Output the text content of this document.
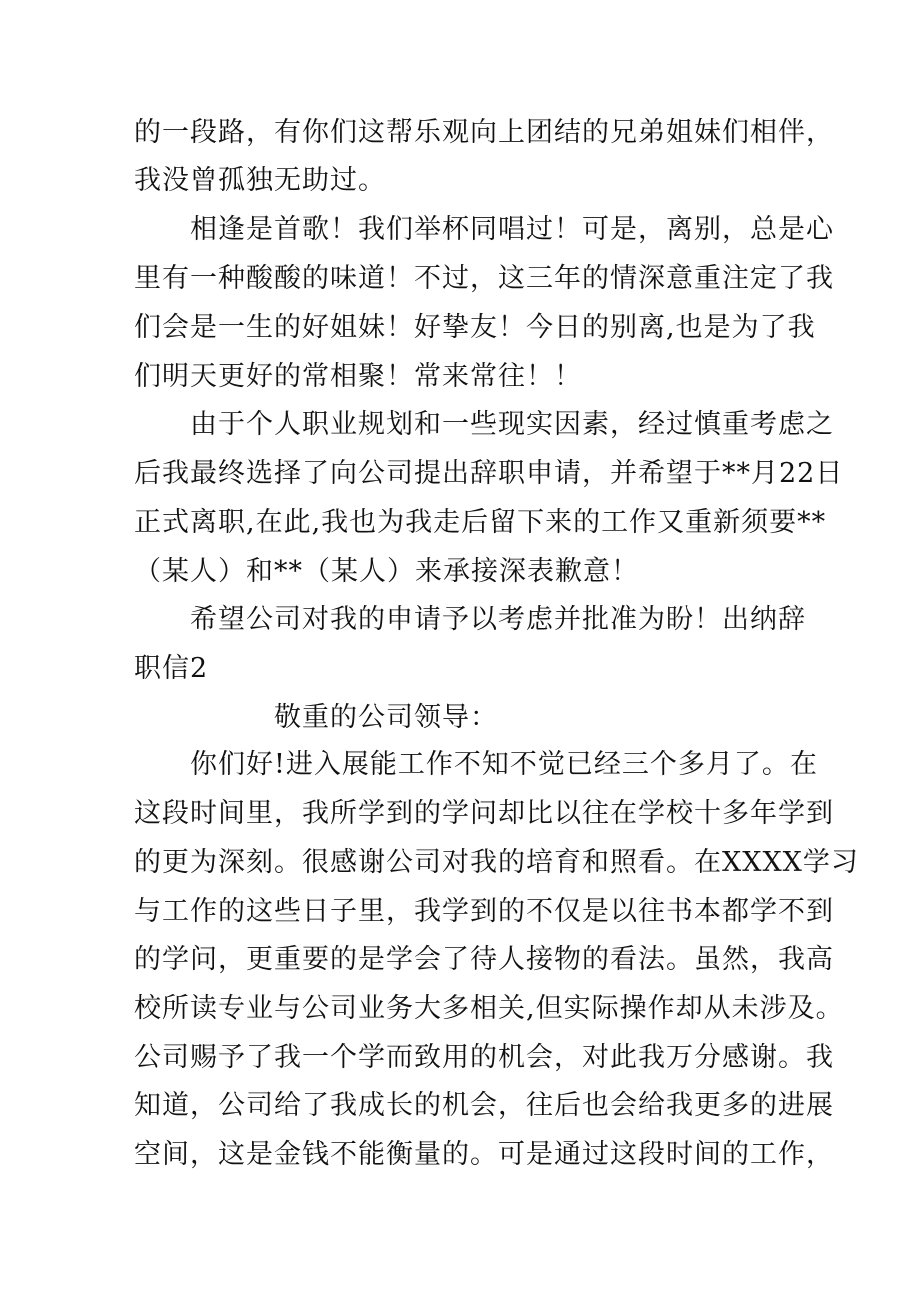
的一段路，有你们这帮乐观向上团结的兄弟姐妹们相伴，
我没曾孤独无助过。
相逢是首歌！我们举杯同唱过！可是，离别，总是心
里有一种酸酸的味道！不过，这三年的情深意重注定了我
们会是一生的好姐妹！好挚友！今日的别离,也是为了我
们明天更好的常相聚！常来常往！！
由于个人职业规划和一些现实因素，经过慎重考虑之
后我最终选择了向公司提出辞职申请，并希望于**月22日
正式离职,在此,我也为我走后留下来的工作又重新须要**
（某人）和**（某人）来承接深表歉意！
希望公司对我的申请予以考虑并批准为盼！出纳辞
职信2
敬重的公司领导：
你们好!进入展能工作不知不觉已经三个多月了。在
这段时间里，我所学到的学问却比以往在学校十多年学到
的更为深刻。很感谢公司对我的培育和照看。在XXXX学习
与工作的这些日子里，我学到的不仅是以往书本都学不到
的学问，更重要的是学会了待人接物的看法。虽然，我高
校所读专业与公司业务大多相关,但实际操作却从未涉及。
公司赐予了我一个学而致用的机会，对此我万分感谢。我
知道，公司给了我成长的机会，往后也会给我更多的进展
空间，这是金钱不能衡量的。可是通过这段时间的工作，
